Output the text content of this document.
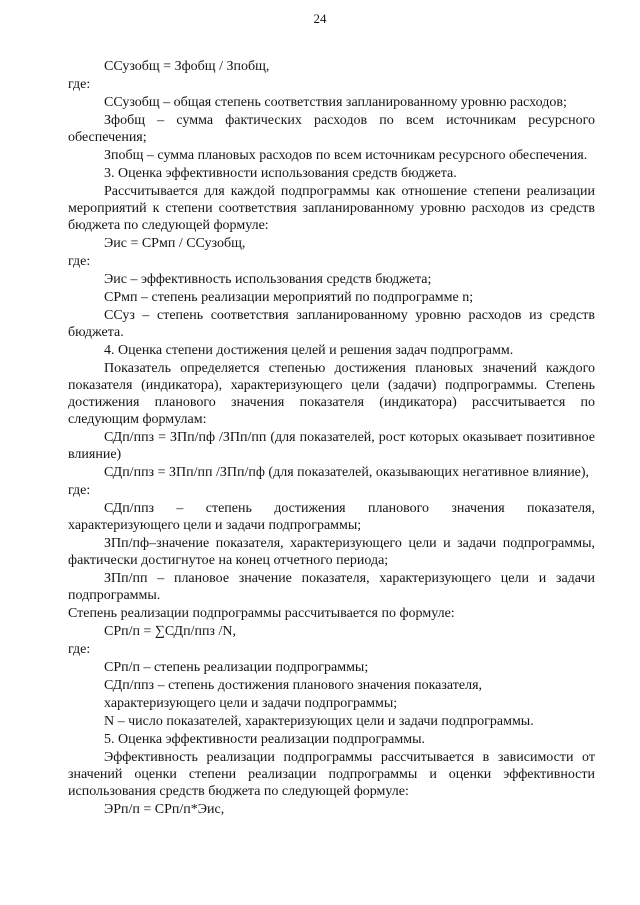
24

ССузобщ = Зфобщ / Зпобщ,

где:

ССузобщ – общая степень соответствия запланированному уровню расходов;

Зфобщ – сумма фактических расходов по всем источникам ресурсного обеспечения;

Зпобщ – сумма плановых расходов по всем источникам ресурсного обеспечения.

3. Оценка эффективности использования средств бюджета.

Рассчитывается для каждой подпрограммы как отношение степени реализации мероприятий к степени соответствия запланированному уровню расходов из средств бюджета по следующей формуле:

Эис = СРмп / ССузобщ,

где:

Эис – эффективность использования средств бюджета;

СРмп – степень реализации мероприятий по подпрограмме n;

ССуз – степень соответствия запланированному уровню расходов из средств бюджета.

4. Оценка степени достижения целей и решения задач подпрограмм.

Показатель определяется степенью достижения плановых значений каждого показателя (индикатора), характеризующего цели (задачи) подпрограммы. Степень достижения планового значения показателя (индикатора) рассчитывается по следующим формулам:

СДп/ппз = ЗПп/пф /ЗПп/пп (для показателей, рост которых оказывает позитивное влияние)

СДп/ппз = ЗПп/пп /ЗПп/пф (для показателей, оказывающих негативное влияние),

где:

СДп/ппз – степень достижения планового значения показателя, характеризующего цели и задачи подпрограммы;

ЗПп/пф–значение показателя, характеризующего цели и задачи подпрограммы, фактически достигнутое на конец отчетного периода;

ЗПп/пп – плановое значение показателя, характеризующего цели и задачи подпрограммы.

Степень реализации подпрограммы рассчитывается по формуле:

СРп/п = ∑СДп/ппз /N,

где:

СРп/п – степень реализации подпрограммы;

СДп/ппз – степень достижения планового значения показателя,

характеризующего цели и задачи подпрограммы;

N – число показателей, характеризующих цели и задачи подпрограммы.

5. Оценка эффективности реализации подпрограммы.

Эффективность реализации подпрограммы рассчитывается в зависимости от значений оценки степени реализации подпрограммы и оценки эффективности использования средств бюджета по следующей формуле:

ЭРп/п = СРп/п*Эис,
